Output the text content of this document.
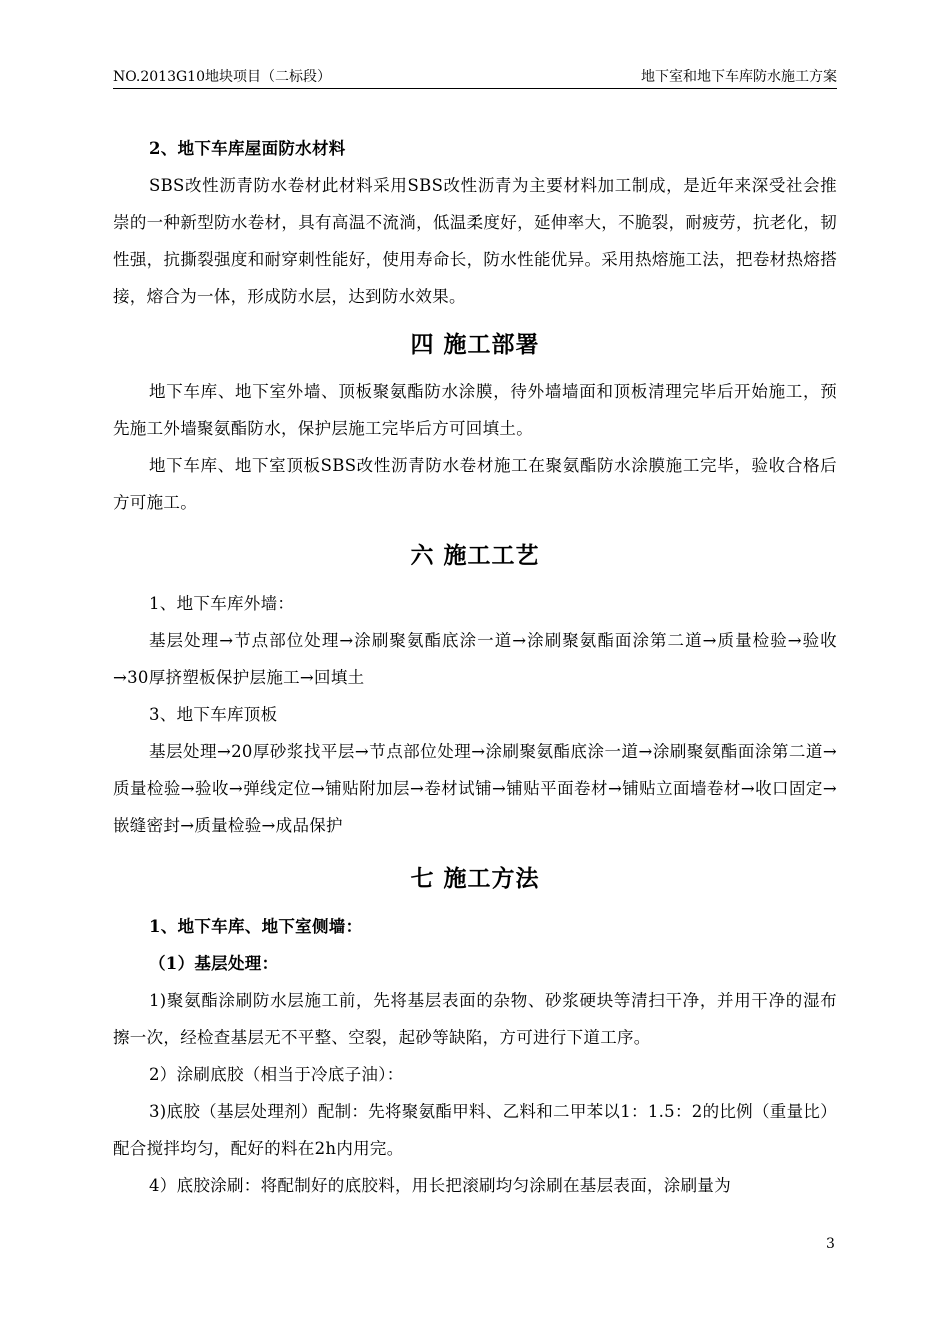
NO.2013G10地块项目（二标段）	地下室和地下车库防水施工方案

2、地下车库屋面防水材料

SBS改性沥青防水卷材此材料采用SBS改性沥青为主要材料加工制成，是近年来深受社会推崇的一种新型防水卷材，具有高温不流淌，低温柔度好，延伸率大，不脆裂，耐疲劳，抗老化，韧性强，抗撕裂强度和耐穿刺性能好，使用寿命长，防水性能优异。采用热熔施工法，把卷材热熔搭接，熔合为一体，形成防水层，达到防水效果。

四 施工部署

地下车库、地下室外墙、顶板聚氨酯防水涂膜，待外墙墙面和顶板清理完毕后开始施工，预先施工外墙聚氨酯防水，保护层施工完毕后方可回填土。

地下车库、地下室顶板SBS改性沥青防水卷材施工在聚氨酯防水涂膜施工完毕，验收合格后方可施工。

六 施工工艺

1、地下车库外墙：

基层处理→节点部位处理→涂刷聚氨酯底涂一道→涂刷聚氨酯面涂第二道→质量检验→验收→30厚挤塑板保护层施工→回填土

3、地下车库顶板

基层处理→20厚砂浆找平层→节点部位处理→涂刷聚氨酯底涂一道→涂刷聚氨酯面涂第二道→质量检验→验收→弹线定位→铺贴附加层→卷材试铺→铺贴平面卷材→铺贴立面墙卷材→收口固定→嵌缝密封→质量检验→成品保护

七 施工方法

1、地下车库、地下室侧墙：

（1）基层处理：

1)聚氨酯涂刷防水层施工前，先将基层表面的杂物、砂浆硬块等清扫干净，并用干净的湿布擦一次，经检查基层无不平整、空裂，起砂等缺陷，方可进行下道工序。

2）涂刷底胶（相当于冷底子油）：

3)底胶（基层处理剂）配制：先将聚氨酯甲料、乙料和二甲苯以1：1.5：2的比例（重量比）配合搅拌均匀，配好的料在2h内用完。

4）底胶涂刷：将配制好的底胶料，用长把滚刷均匀涂刷在基层表面，涂刷量为

3
